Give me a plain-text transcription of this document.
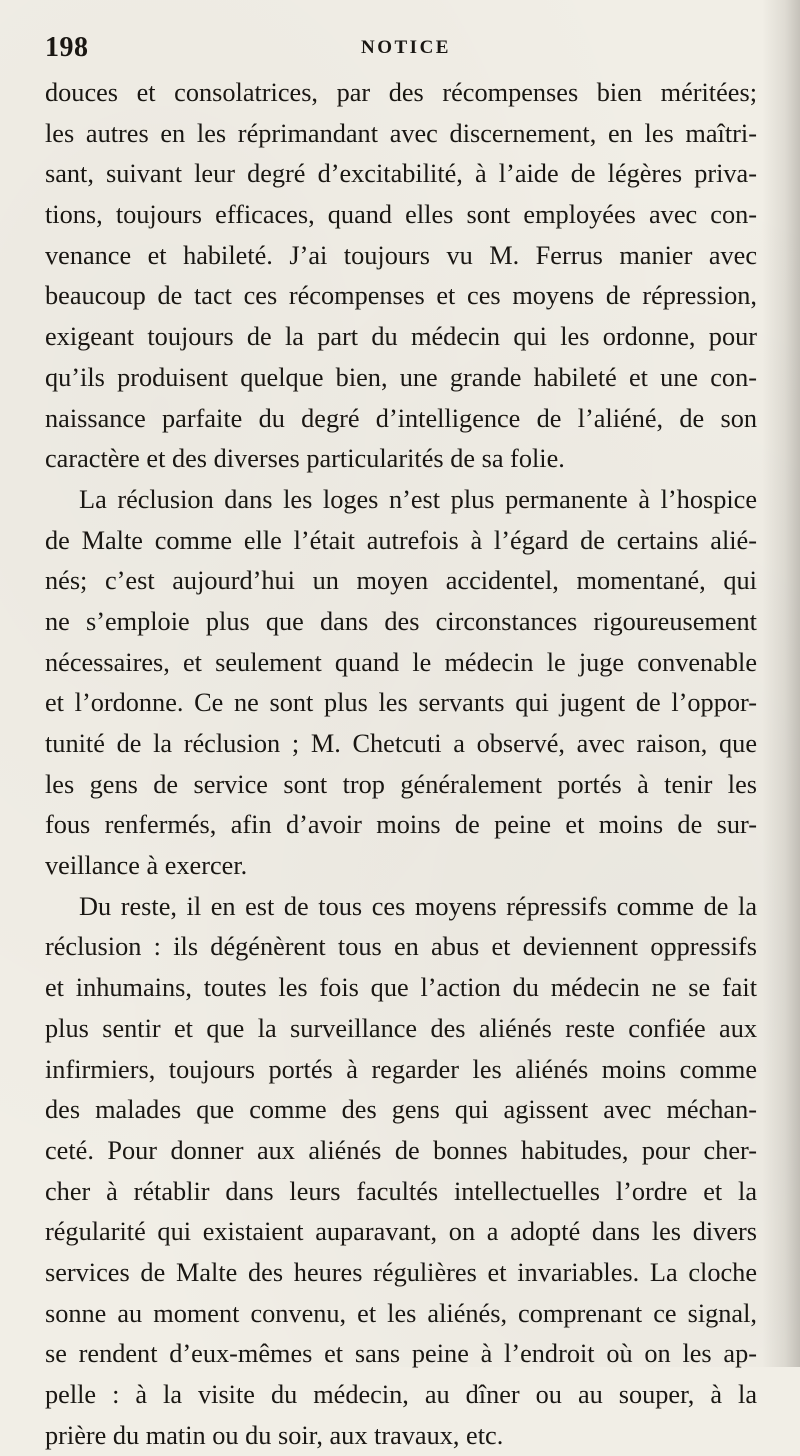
198	NOTICE
douces et consolatrices, par des récompenses bien méritées;
les autres en les réprimandant avec discernement, en les maîtri-
sant, suivant leur degré d’excitabilité, à l’aide de légères priva-
tions, toujours efficaces, quand elles sont employées avec con-
venance et habileté. J’ai toujours vu M. Ferrus manier avec
beaucoup de tact ces récompenses et ces moyens de répression,
exigeant toujours de la part du médecin qui les ordonne, pour
qu’ils produisent quelque bien, une grande habileté et une con-
naissance parfaite du degré d’intelligence de l’aliéné, de son
caractère et des diverses particularités de sa folie.
La réclusion dans les loges n’est plus permanente à l’hospice
de Malte comme elle l’était autrefois à l’égard de certains alié-
nés; c’est aujourd’hui un moyen accidentel, momentané, qui
ne s’emploie plus que dans des circonstances rigoureusement
nécessaires, et seulement quand le médecin le juge convenable
et l’ordonne. Ce ne sont plus les servants qui jugent de l’oppor-
tunité de la réclusion ; M. Chetcuti a observé, avec raison, que
les gens de service sont trop généralement portés à tenir les
fous renfermés, afin d’avoir moins de peine et moins de sur-
veillance à exercer.
Du reste, il en est de tous ces moyens répressifs comme de la
réclusion : ils dégénèrent tous en abus et deviennent oppressifs
et inhumains, toutes les fois que l’action du médecin ne se fait
plus sentir et que la surveillance des aliénés reste confiée aux
infirmiers, toujours portés à regarder les aliénés moins comme
des malades que comme des gens qui agissent avec méchan-
ceté. Pour donner aux aliénés de bonnes habitudes, pour cher-
cher à rétablir dans leurs facultés intellectuelles l’ordre et la
régularité qui existaient auparavant, on a adopté dans les divers
services de Malte des heures régulières et invariables. La cloche
sonne au moment convenu, et les aliénés, comprenant ce signal,
se rendent d’eux-mêmes et sans peine à l’endroit où on les ap-
pelle : à la visite du médecin, au dîner ou au souper, à la
prière du matin ou du soir, aux travaux, etc.
